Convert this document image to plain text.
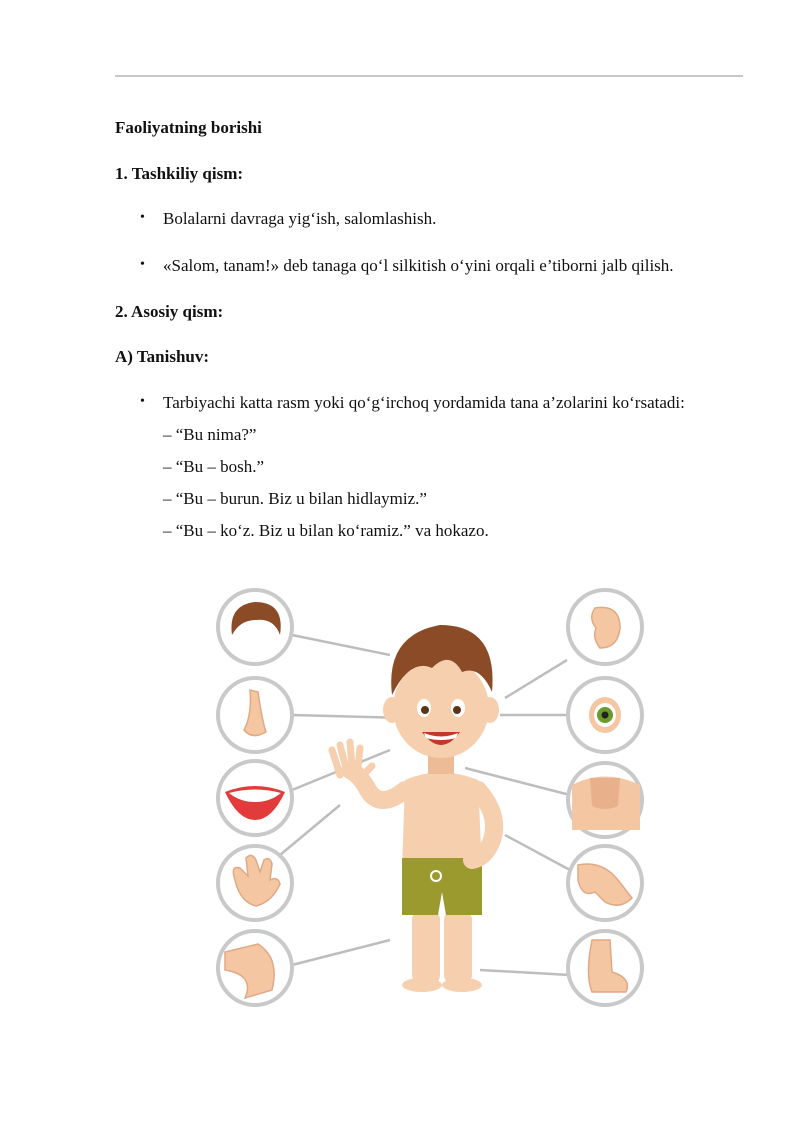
Faoliyatning borishi
1. Tashkiliy qism:
• Bolalarni davraga yig‘ish, salomlashish.
• «Salom, tanam!» deb tanaga qo‘l silkitish o‘yini orqali e’tiborni jalb qilish.
2. Asosiy qism:
A) Tanishuv:
• Tarbiyachi katta rasm yoki qo‘g‘irchoq yordamida tana a’zolarini ko‘rsatadi:
– “Bu nima?”
– “Bu – bosh.”
– “Bu – burun. Biz u bilan hidlaymiz.”
– “Bu – ko‘z. Biz u bilan ko‘ramiz.” va hokazo.
